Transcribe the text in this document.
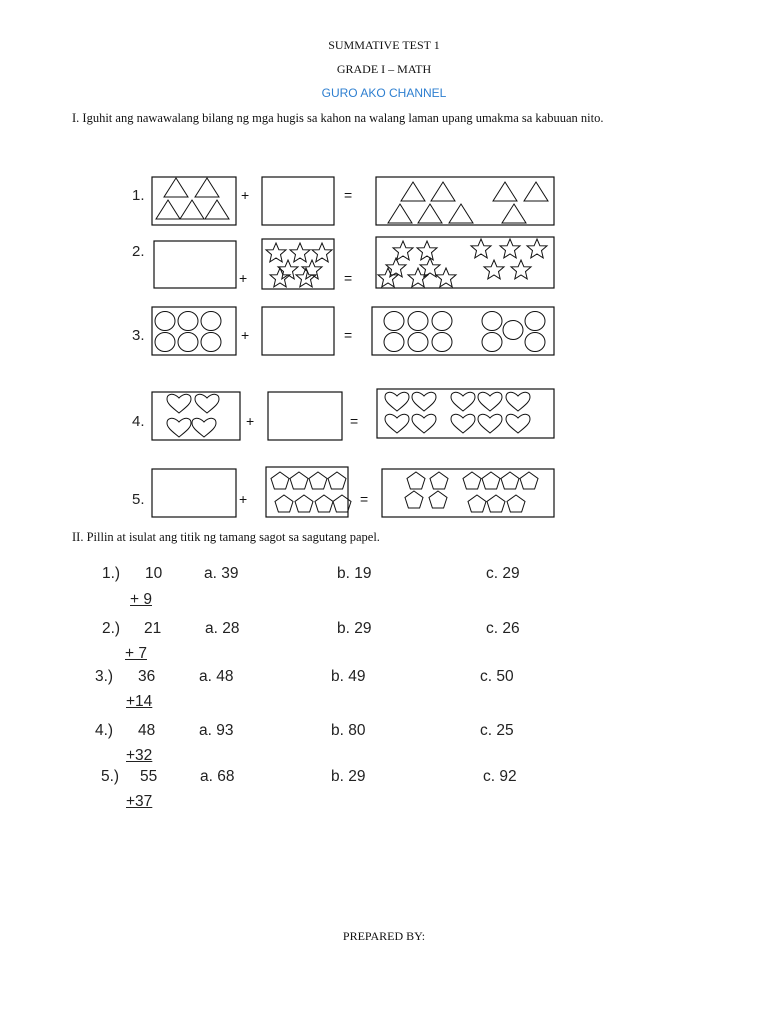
SUMMATIVE TEST 1
GRADE I – MATH
GURO AKO CHANNEL
I. Iguhit ang nawawalang bilang ng mga hugis sa kahon na walang laman upang umakma sa kabuuan nito.
1.	+	=
2.
+	=
3.	+	=
4.	+	=
5.	+	=
II. Pillin at isulat ang titik ng tamang sagot sa sagutang papel.
1.) 10
+ 9
a. 39	b. 19	c. 29
2.) 21
+ 7
a. 28	b. 29	c. 26
3.) 36
+14
a. 48	b. 49	c. 50
4.) 48
+32
a. 93	b. 80	c. 25
5.) 55
+37
a. 68	b. 29	c. 92
PREPARED BY:
